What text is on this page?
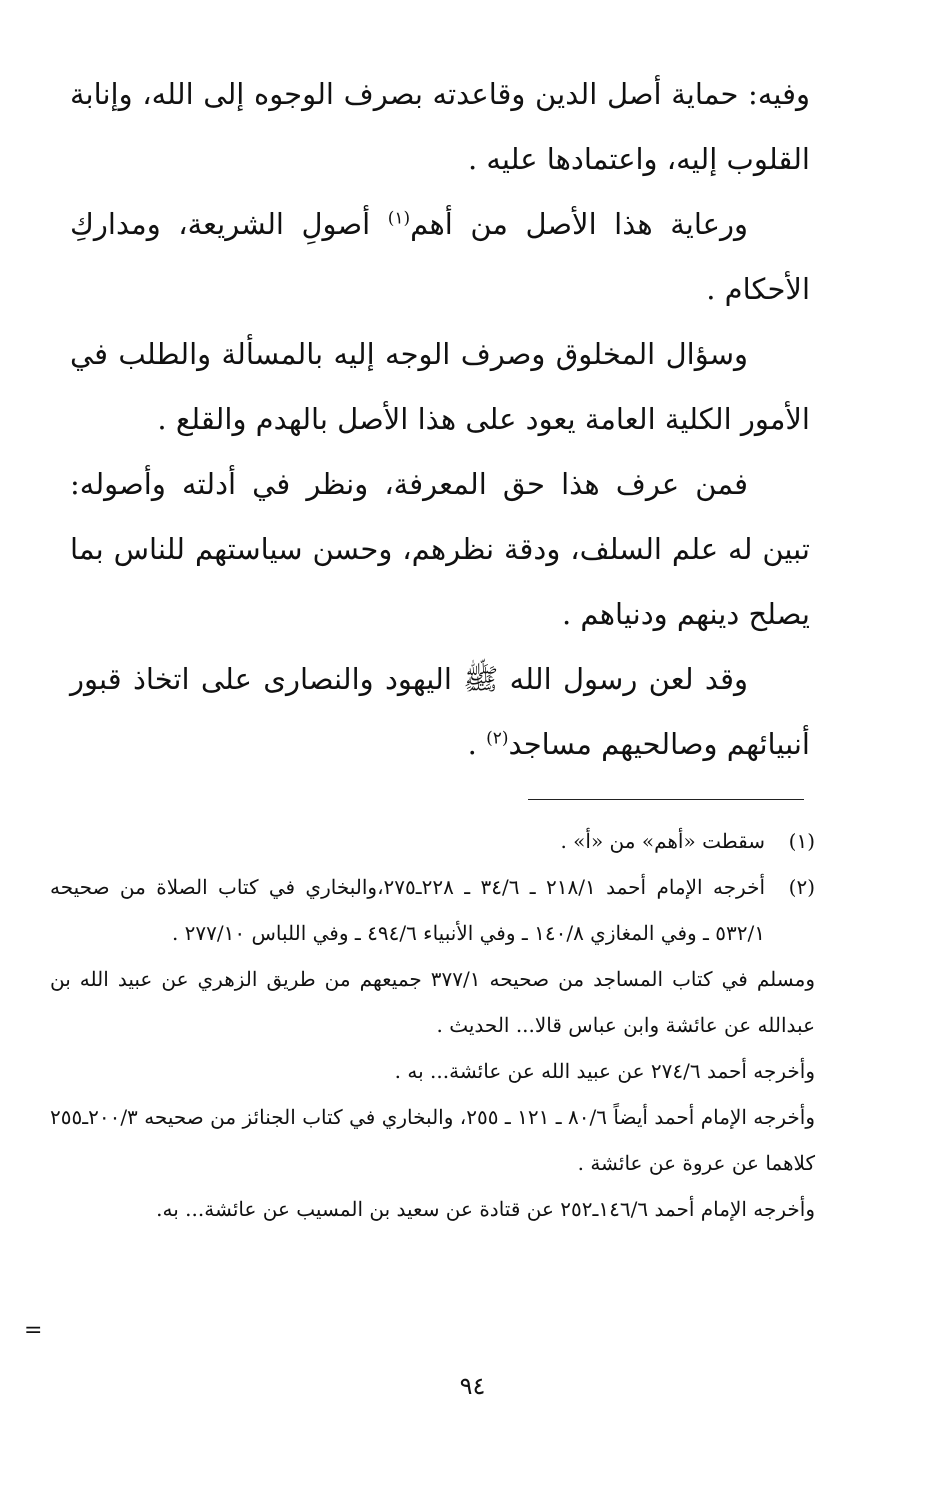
وفيه: حماية أصل الدين وقاعدته بصرف الوجوه إلى الله، وإنابة القلوب إليه، واعتمادها عليه .

ورعاية هذا الأصل من أهم$^{(١)}$ أصولِ الشريعة، ومداركِ الأحكام .

وسؤال المخلوق وصرف الوجه إليه بالمسألة والطلب في الأمور الكلية العامة يعود على هذا الأصل بالهدم والقلع .

فمن عرف هذا حق المعرفة، ونظر في أدلته وأصوله: تبين له علم السلف، ودقة نظرهم، وحسن سياستهم للناس بما يصلح دينهم ودنياهم .

وقد لعن رسول الله ﷺ اليهود والنصارى على اتخاذ قبور أنبيائهم وصالحيهم مساجد$^{(٢)}$ .

(١)
سقطت «أهم» من «أ» .
(٢)
أخرجه الإمام أحمد ٢١٨/١ ـ ٣٤/٦ ـ ٢٢٨ـ٢٧٥،والبخاري في كتاب الصلاة من صحيحه ٥٣٢/١ ـ وفي المغازي ١٤٠/٨ ـ وفي الأنبياء ٤٩٤/٦ ـ وفي اللباس ٢٧٧/١٠ .

ومسلم في كتاب المساجد من صحيحه ٣٧٧/١ جميعهم من طريق الزهري عن عبيد الله بن عبدالله عن عائشة وابن عباس قالا... الحديث .

وأخرجه أحمد ٢٧٤/٦ عن عبيد الله عن عائشة... به .

وأخرجه الإمام أحمد أيضاً ٨٠/٦ ـ ١٢١ ـ ٢٥٥، والبخاري في كتاب الجنائز من صحيحه ٢٠٠/٣ـ٢٥٥ كلاهما عن عروة عن عائشة .

وأخرجه الإمام أحمد ١٤٦/٦ـ٢٥٢ عن قتادة عن سعيد بن المسيب عن عائشة... به.

=
٩٤
